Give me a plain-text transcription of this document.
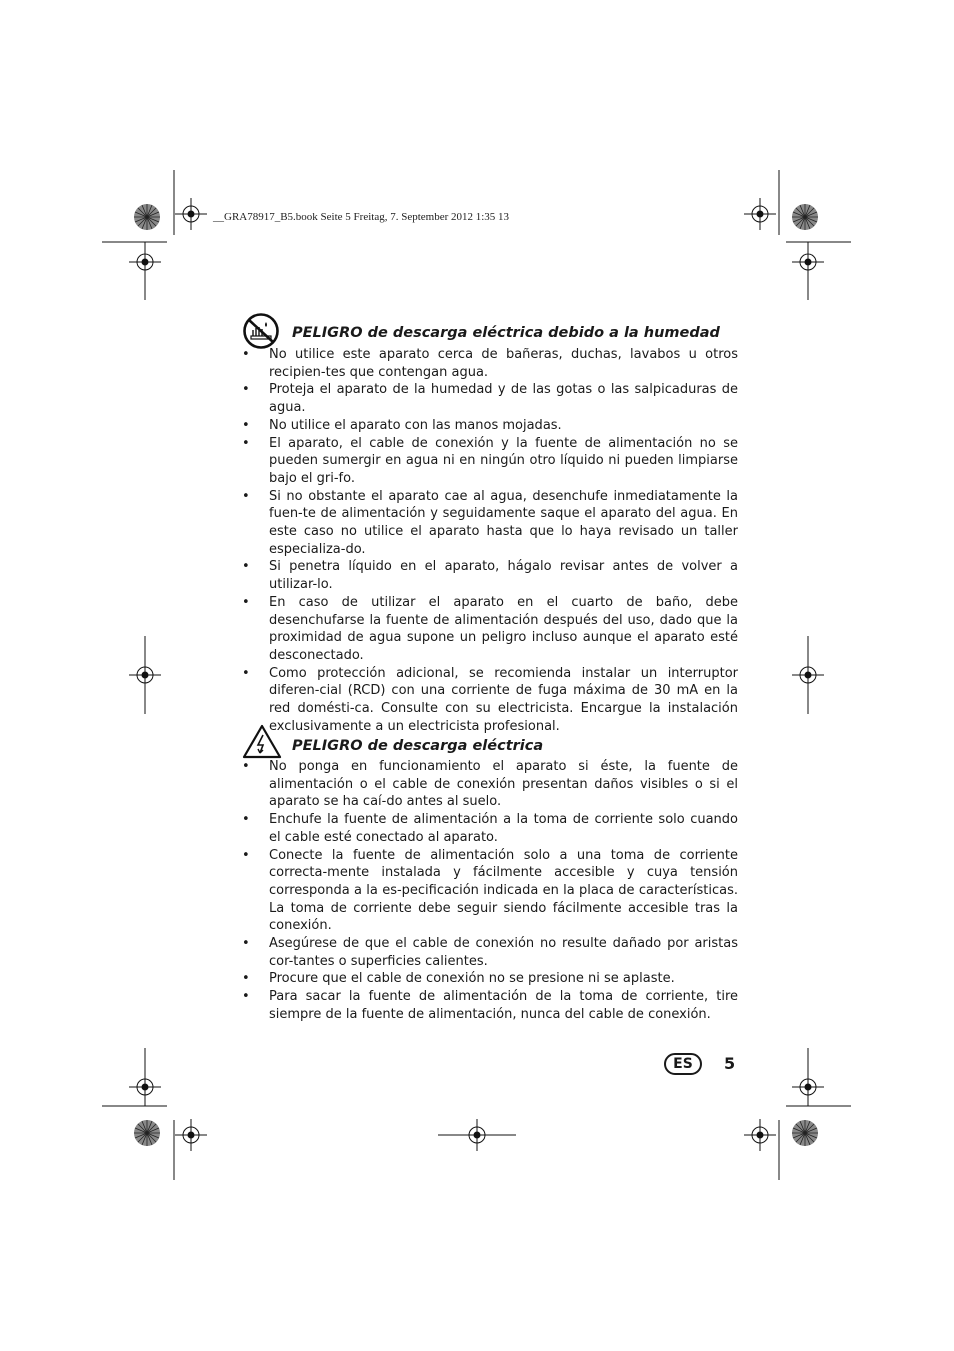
__GRA78917_B5.book Seite 5 Freitag, 7. September 2012 1:35 13
PELIGRO de descarga eléctrica debido a la humedad
• No utilice este aparato cerca de bañeras, duchas, lavabos u otros recipien-tes que contengan agua.
• Proteja el aparato de la humedad y de las gotas o las salpicaduras de agua.
• No utilice el aparato con las manos mojadas.
• El aparato, el cable de conexión y la fuente de alimentación no se pueden sumergir en agua ni en ningún otro líquido ni pueden limpiarse bajo el gri-fo.
• Si no obstante el aparato cae al agua, desenchufe inmediatamente la fuen-te de alimentación y seguidamente saque el aparato del agua. En este caso no utilice el aparato hasta que lo haya revisado un taller especializa-do.
• Si penetra líquido en el aparato, hágalo revisar antes de volver a utilizar-lo.
• En caso de utilizar el aparato en el cuarto de baño, debe desenchufarse la fuente de alimentación después del uso, dado que la proximidad de agua supone un peligro incluso aunque el aparato esté desconectado.
• Como protección adicional, se recomienda instalar un interruptor diferen-cial (RCD) con una corriente de fuga máxima de 30 mA en la red domésti-ca. Consulte con su electricista. Encargue la instalación exclusivamente a un electricista profesional.
PELIGRO de descarga eléctrica
• No ponga en funcionamiento el aparato si éste, la fuente de alimentación o el cable de conexión presentan daños visibles o si el aparato se ha caí-do antes al suelo.
• Enchufe la fuente de alimentación a la toma de corriente solo cuando el cable esté conectado al aparato.
• Conecte la fuente de alimentación solo a una toma de corriente correcta-mente instalada y fácilmente accesible y cuya tensión corresponda a la es-pecificación indicada en la placa de características. La toma de corriente debe seguir siendo fácilmente accesible tras la conexión.
• Asegúrese de que el cable de conexión no resulte dañado por aristas cor-tantes o superficies calientes.
• Procure que el cable de conexión no se presione ni se aplaste.
• Para sacar la fuente de alimentación de la toma de corriente, tire siempre de la fuente de alimentación, nunca del cable de conexión.
ES	5
